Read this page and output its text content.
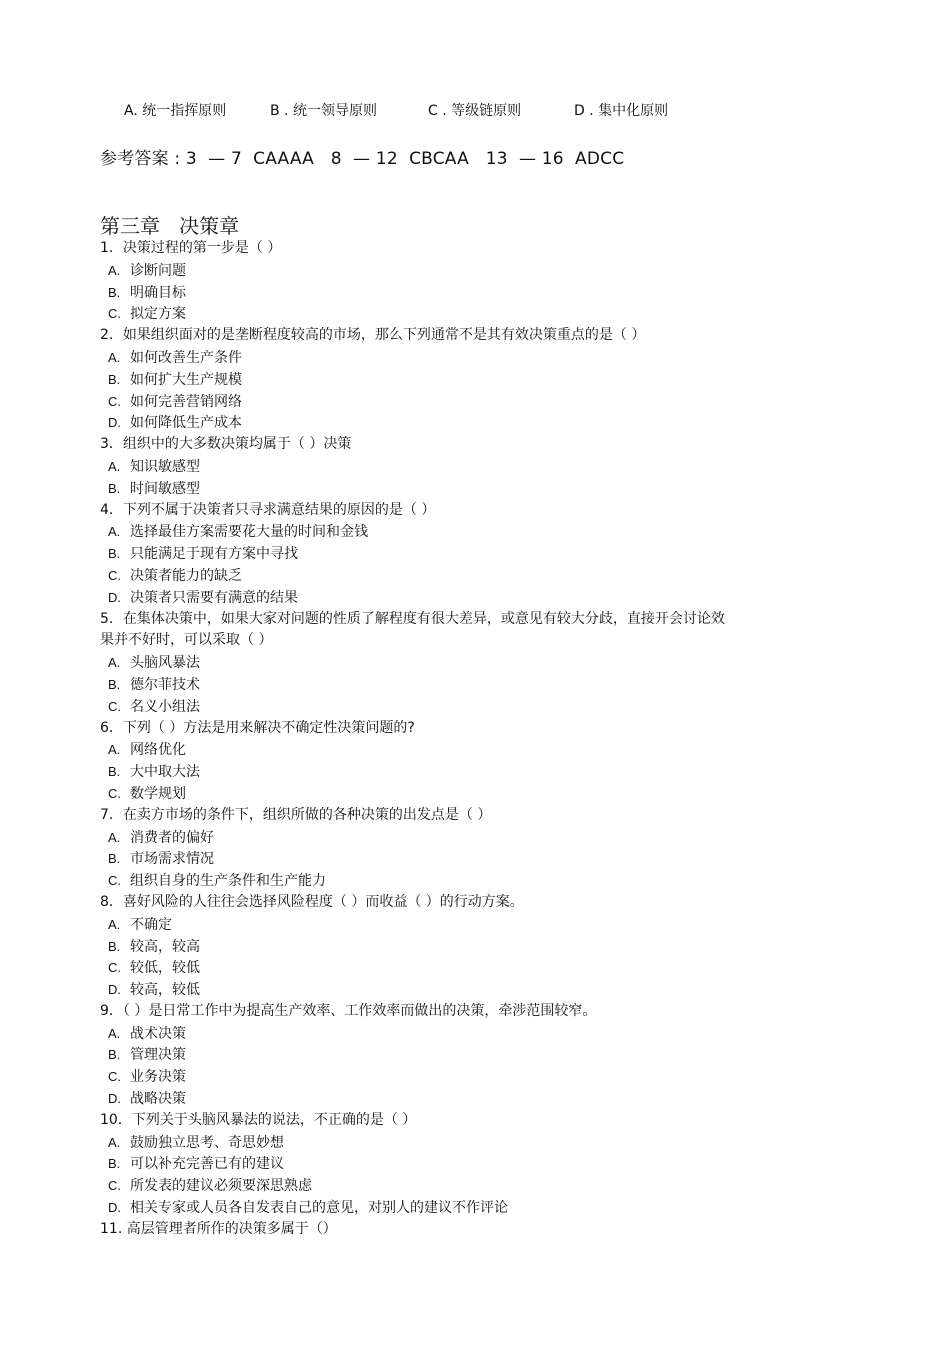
A. 统一指挥原则	B . 统一领导原则	C . 等级链原则	D . 集中化原则
参考答案 : 3  — 7  CAAAA   8  — 12  CBCAA   13  — 16  ADCC
第三章   决策章
1．决策过程的第一步是（ ）
A. 诊断问题
B. 明确目标
C. 拟定方案
2．如果组织面对的是垄断程度较高的市场，那么下列通常不是其有效决策重点的是（ ）
A. 如何改善生产条件
B. 如何扩大生产规模
C. 如何完善营销网络
D. 如何降低生产成本
3．组织中的大多数决策均属于（ ）决策
A. 知识敏感型
B. 时间敏感型
4．下列不属于决策者只寻求满意结果的原因的是（ ）
A. 选择最佳方案需要花大量的时间和金钱
B. 只能满足于现有方案中寻找
C. 决策者能力的缺乏
D. 决策者只需要有满意的结果
5．在集体决策中，如果大家对问题的性质了解程度有很大差异，或意见有较大分歧，直接开会讨论效
果并不好时，可以采取（ ）
A. 头脑风暴法
B. 德尔菲技术
C. 名义小组法
6．下列（ ）方法是用来解决不确定性决策问题的?
A. 网络优化
B. 大中取大法
C. 数学规划
7．在卖方市场的条件下，组织所做的各种决策的出发点是（ ）
A. 消费者的偏好
B. 市场需求情况
C. 组织自身的生产条件和生产能力
8．喜好风险的人往往会选择风险程度（ ）而收益（ ）的行动方案。
A. 不确定
B. 较高，较高
C. 较低，较低
D. 较高，较低
9．（ ）是日常工作中为提高生产效率、工作效率而做出的决策，牵涉范围较窄。
A. 战术决策
B. 管理决策
C. 业务决策
D. 战略决策
10．下列关于头脑风暴法的说法，不正确的是（ ）
A. 鼓励独立思考、奇思妙想
B. 可以补充完善已有的建议
C. 所发表的建议必须要深思熟虑
D. 相关专家或人员各自发表自己的意见，对别人的建议不作评论
11. 高层管理者所作的决策多属于（）
